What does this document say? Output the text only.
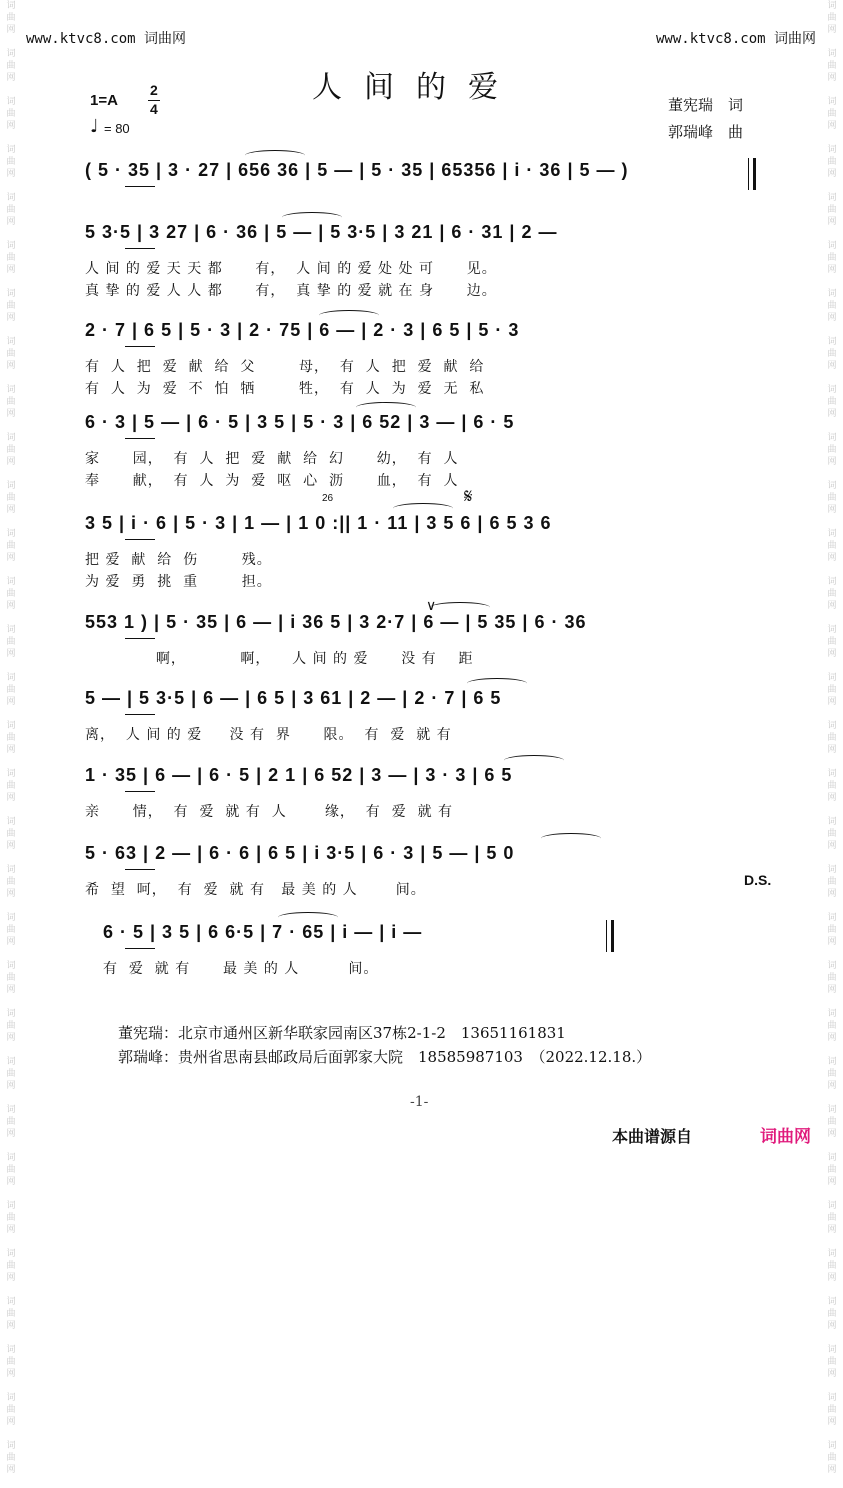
词
曲
网
词
曲
网
词
曲
网
词
曲
网
词
曲
网
词
曲
网
词
曲
网
词
曲
网
词
曲
网
词
曲
网
词
曲
网
词
曲
网
词
曲
网
词
曲
网
词
曲
网
词
曲
网
词
曲
网
词
曲
网
词
曲
网
词
曲
网
词
曲
网
词
曲
网
词
曲
网
词
曲
网
词
曲
网
词
曲
网
词
曲
网
词
曲
网
词
曲
网
词
曲
网
词
曲
网
词
曲
网
词
曲
网
词
曲
网
词
曲
网
词
曲
网
词
曲
网
词
曲
网
词
曲
网
词
曲
网
词
曲
网
词
曲
网
词
曲
网
词
曲
网
词
曲
网
词
曲
网
词
曲
网
词
曲
网
词
曲
网
词
曲
网
词
曲
网
词
曲
网
词
曲
网
词
曲
网
词
曲
网
词
曲
网
词
曲
网
词
曲
网
词
曲
网
词
曲
网
词
曲
网
词
曲
网
www.ktvc8.com 词曲网	www.ktvc8.com 词曲网
人间的爱
1=A
2
4
♩ = 80
董宪瑞　词
郭瑞峰　曲
( 5 · 35 | 3 · 27 | 656 36 | 5 — | 5 · 35 | 65356 | i · 36 | 5 — )
5 3·5 | 3 27 | 6 · 36 | 5 — | 5 3·5 | 3 21 | 6 · 31 | 2 —
人 间 的 爱 天 天 都      有，  人 间 的 爱 处 处 可      见。
真 挚 的 爱 人 人 都      有，  真 挚 的 爱 就 在 身      边。
2 · 7 | 6 5 | 5 · 3 | 2 · 75 | 6 — | 2 · 3 | 6 5 | 5 · 3
有  人  把  爱  献  给  父        母，  有  人  把  爱  献  给
有  人  为  爱  不  怕  牺        牲，  有  人  为  爱  无  私
6 · 3 | 5 — | 6 · 5 | 3 5 | 5 · 3 | 6 52 | 3 — | 6 · 5
家      园，  有  人  把  爱  献  给  幻      幼，  有  人
奉      献，  有  人  为  爱  呕  心  沥      血，  有  人
3 5 | i · 6 | 5 · 3 | 1 — | 1 0 :|| 1 · 11 | 3 5 6 | 6 5 3 6
把 爱  献  给  伤        残。
为 爱  勇  挑  重        担。
553 1 ) | 5 · 35 | 6 — | i 36 5 | 3 2·7 | 6 — | 5 35 | 6 · 36
啊，          啊，    人 间 的 爱      没 有    距
5 — | 5 3·5 | 6 — | 6 5 | 3 61 | 2 — | 2 · 7 | 6 5
离，  人 间 的 爱     没 有  界      限。  有  爱  就 有
1 · 35 | 6 — | 6 · 5 | 2 1 | 6 52 | 3 — | 3 · 3 | 6 5
亲      情，  有  爱  就 有  人       缘，  有  爱  就 有
5 · 63 | 2 — | 6 · 6 | 6 5 | i 3·5 | 6 · 3 | 5 — | 5 0
希  望  呵，  有  爱  就 有   最 美 的 人       间。
6 · 5 | 3 5 | 6 6·5 | 7 · 65 | i — | i —
有  爱  就 有      最 美 的 人         间。
D.S.
𝄋
∨
26
董宪瑞：北京市通州区新华联家园南区37栋2-1-2　13651161831
郭瑞峰：贵州省思南县邮政局后面郭家大院　18585987103　（2022.12.18.）
-1-
本曲谱源自	词曲网
